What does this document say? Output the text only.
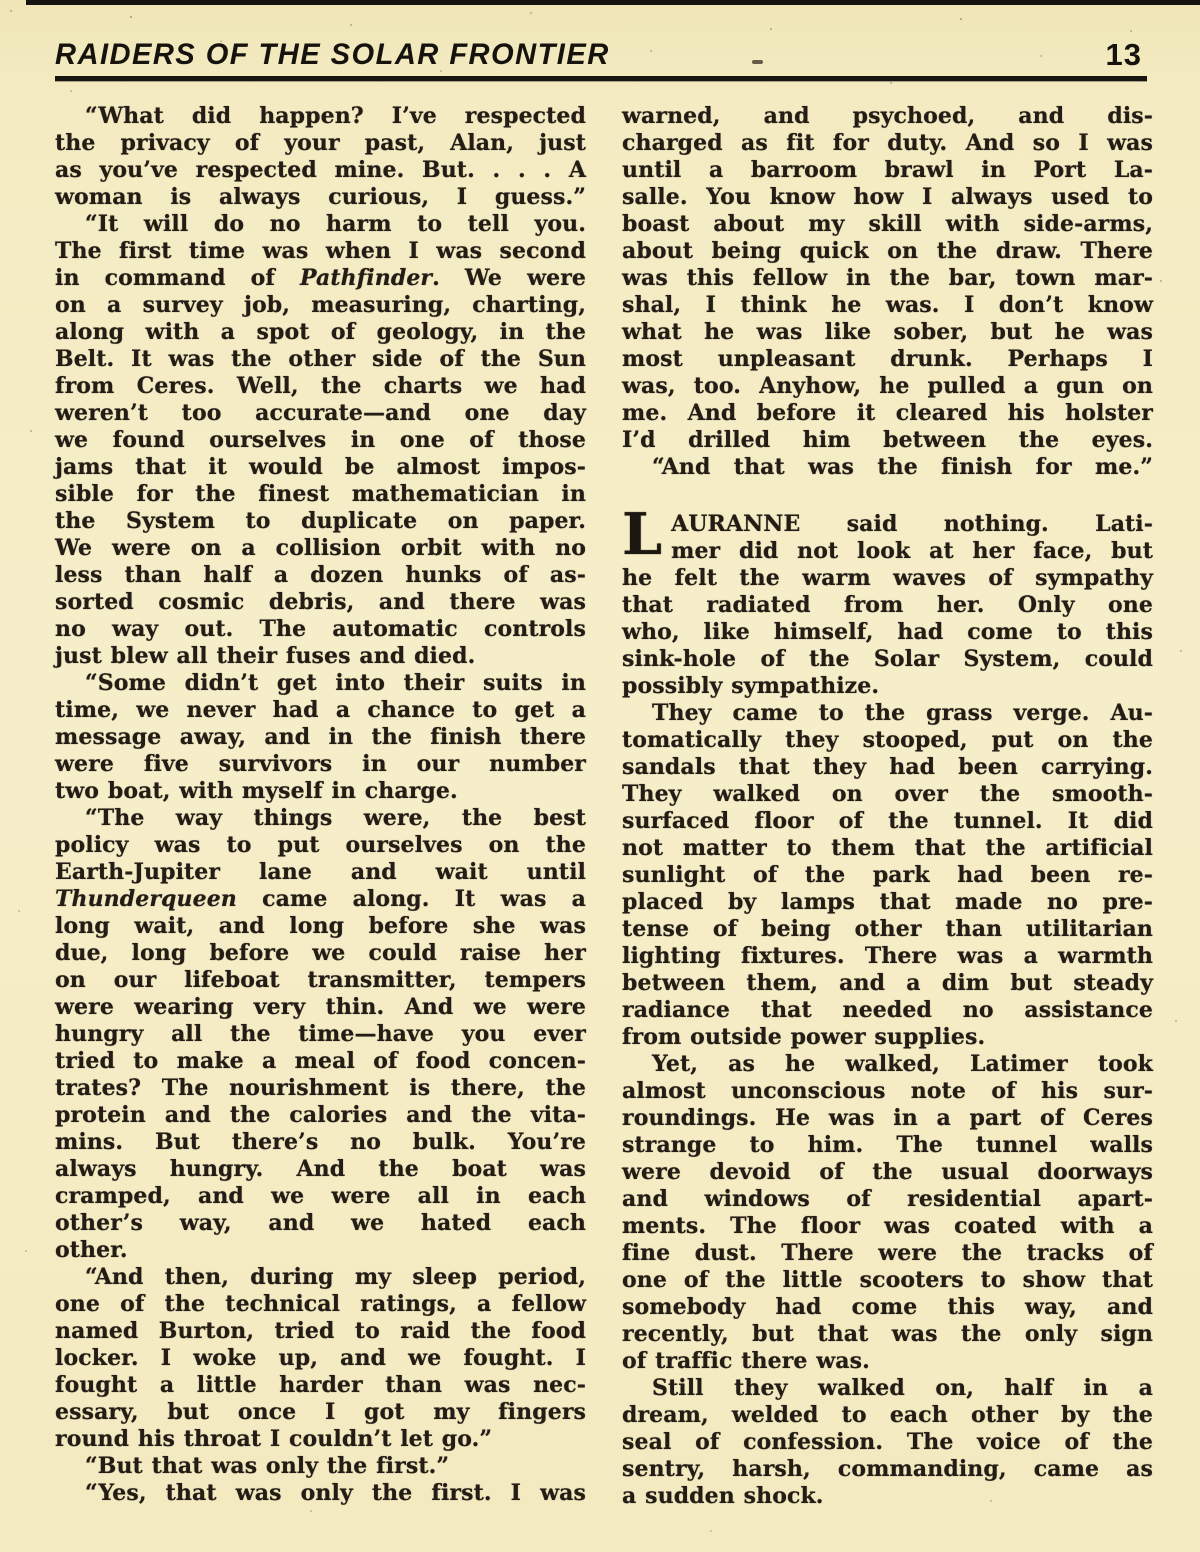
RAIDERS OF THE SOLAR FRONTIER	13
“What did happen? I’ve respected
the privacy of your past, Alan, just
as you’ve respected mine. But. . . . A
woman is always curious, I guess.”
“It will do no harm to tell you.
The first time was when I was second
in command of Pathfinder. We were
on a survey job, measuring, charting,
along with a spot of geology, in the
Belt. It was the other side of the Sun
from Ceres. Well, the charts we had
weren’t too accurate—and one day
we found ourselves in one of those
jams that it would be almost impos-
sible for the finest mathematician in
the System to duplicate on paper.
We were on a collision orbit with no
less than half a dozen hunks of as-
sorted cosmic debris, and there was
no way out. The automatic controls
just blew all their fuses and died.
“Some didn’t get into their suits in
time, we never had a chance to get a
message away, and in the finish there
were five survivors in our number
two boat, with myself in charge.
“The way things were, the best
policy was to put ourselves on the
Earth-Jupiter lane and wait until
Thunderqueen came along. It was a
long wait, and long before she was
due, long before we could raise her
on our lifeboat transmitter, tempers
were wearing very thin. And we were
hungry all the time—have you ever
tried to make a meal of food concen-
trates? The nourishment is there, the
protein and the calories and the vita-
mins. But there’s no bulk. You’re
always hungry. And the boat was
cramped, and we were all in each
other’s way, and we hated each
other.
“And then, during my sleep period,
one of the technical ratings, a fellow
named Burton, tried to raid the food
locker. I woke up, and we fought. I
fought a little harder than was nec-
essary, but once I got my fingers
round his throat I couldn’t let go.”
“But that was only the first.”
“Yes, that was only the first. I was
warned, and psychoed, and dis-
charged as fit for duty. And so I was
until a barroom brawl in Port La-
salle. You know how I always used to
boast about my skill with side-arms,
about being quick on the draw. There
was this fellow in the bar, town mar-
shal, I think he was. I don’t know
what he was like sober, but he was
most unpleasant drunk. Perhaps I
was, too. Anyhow, he pulled a gun on
me. And before it cleared his holster
I’d drilled him between the eyes.
“And that was the finish for me.”
L AURANNE said nothing. Lati-
mer did not look at her face, but
he felt the warm waves of sympathy
that radiated from her. Only one
who, like himself, had come to this
sink-hole of the Solar System, could
possibly sympathize.
They came to the grass verge. Au-
tomatically they stooped, put on the
sandals that they had been carrying.
They walked on over the smooth-
surfaced floor of the tunnel. It did
not matter to them that the artificial
sunlight of the park had been re-
placed by lamps that made no pre-
tense of being other than utilitarian
lighting fixtures. There was a warmth
between them, and a dim but steady
radiance that needed no assistance
from outside power supplies.
Yet, as he walked, Latimer took
almost unconscious note of his sur-
roundings. He was in a part of Ceres
strange to him. The tunnel walls
were devoid of the usual doorways
and windows of residential apart-
ments. The floor was coated with a
fine dust. There were the tracks of
one of the little scooters to show that
somebody had come this way, and
recently, but that was the only sign
of traffic there was.
Still they walked on, half in a
dream, welded to each other by the
seal of confession. The voice of the
sentry, harsh, commanding, came as
a sudden shock.
